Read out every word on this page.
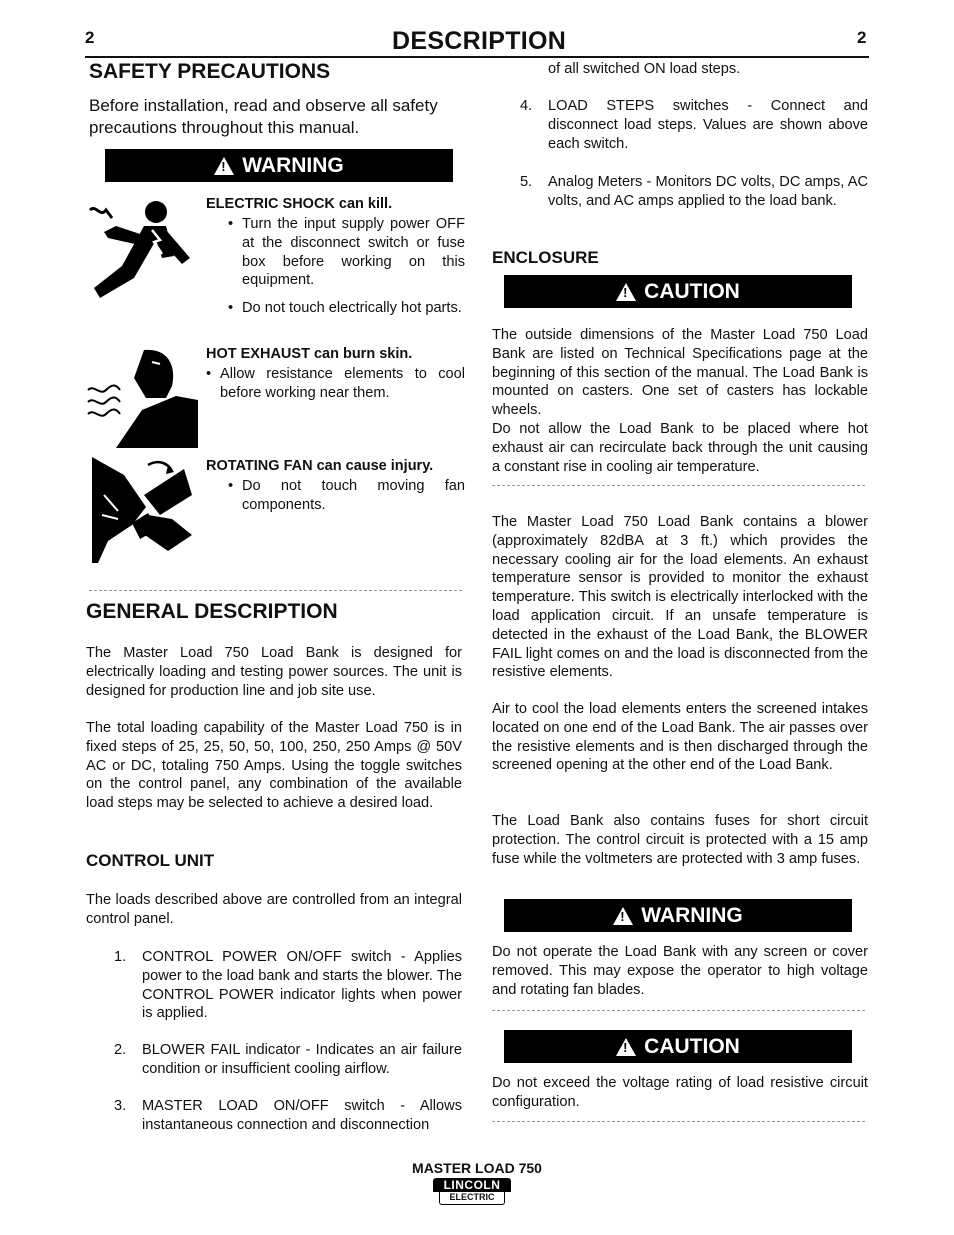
2	DESCRIPTION	2
SAFETY PRECAUTIONS
Before installation, read and observe all safety precautions throughout this manual.
!
WARNING
ELECTRIC SHOCK can kill.
• Turn the input supply power OFF at the disconnect switch or fuse box before working on this equipment.
• Do not touch electrically hot parts.
HOT EXHAUST can burn skin.
• Allow resistance elements to cool before working near them.
ROTATING FAN can cause injury.
• Do not touch moving fan components.
GENERAL DESCRIPTION
The Master Load 750 Load Bank is designed for electrically loading and testing power sources. The unit is designed for production line and job site use.
The total loading capability of the Master Load 750 is in fixed steps of 25, 25, 50, 50, 100, 250, 250 Amps @ 50V AC or DC, totaling 750 Amps. Using the toggle switches on the control panel, any combination of the available load steps may be selected to achieve a desired load.
CONTROL UNIT
The loads described above are controlled from an integral control panel.
1. CONTROL POWER ON/OFF switch - Applies power to the load bank and starts the blower. The CONTROL POWER indicator lights when power is applied.
2. BLOWER FAIL indicator - Indicates an air failure condition or insufficient cooling airflow.
3. MASTER LOAD ON/OFF switch - Allows instantaneous connection and disconnection
of all switched ON load steps.
4. LOAD STEPS switches - Connect and disconnect load steps. Values are shown above each switch.
5. Analog Meters - Monitors DC volts, DC amps, AC volts, and AC amps applied to the load bank.
ENCLOSURE
!
CAUTION
The outside dimensions of the Master Load 750 Load Bank are listed on Technical Specifications page at the beginning of this section of the manual. The Load Bank is mounted on casters. One set of casters has lockable wheels.
Do not allow the Load Bank to be placed where hot exhaust air can recirculate back through the unit causing a constant rise in cooling air temperature.
The Master Load 750 Load Bank contains a blower (approximately 82dBA at 3 ft.) which provides the necessary cooling air for the load elements. An exhaust temperature sensor is provided to monitor the exhaust temperature. This switch is electrically interlocked with the load application circuit. If an unsafe temperature is detected in the exhaust of the Load Bank, the BLOWER FAIL light comes on and the load is disconnected from the resistive elements.
Air to cool the load elements enters the screened intakes located on one end of the Load Bank. The air passes over the resistive elements and is then discharged through the screened opening at the other end of the Load Bank.
The Load Bank also contains fuses for short circuit protection. The control circuit is protected with a 15 amp fuse while the voltmeters are protected with 3 amp fuses.
!
WARNING
Do not operate the Load Bank with any screen or cover removed. This may expose the operator to high voltage and rotating fan blades.
!
CAUTION
Do not exceed the voltage rating of load resistive circuit configuration.
MASTER LOAD 750
LINCOLN
ELECTRIC
